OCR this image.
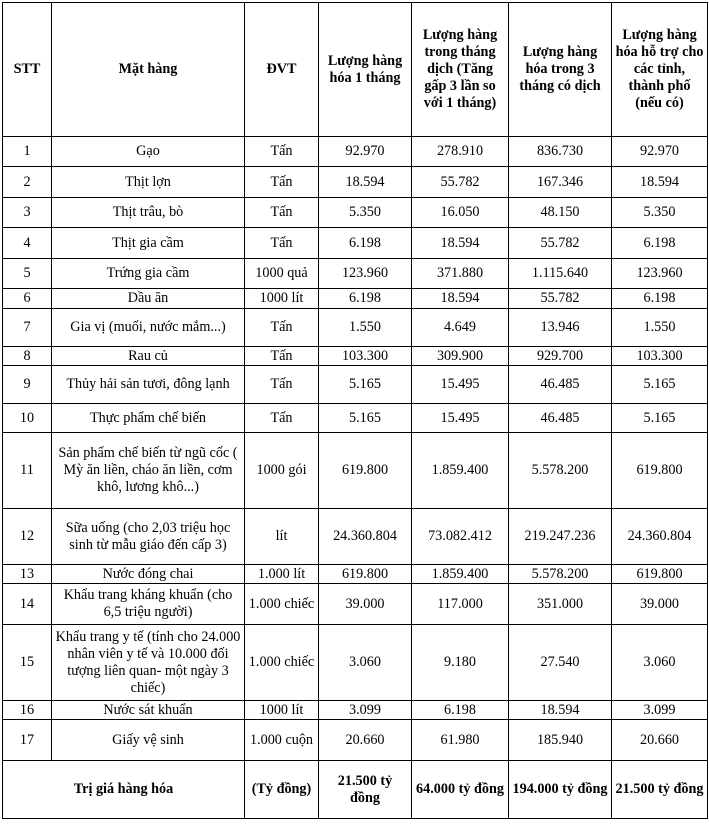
STT	Mặt hàng	ĐVT	Lượng hàng hóa 1 tháng	Lượng hàng trong tháng dịch (Tăng gấp 3 lần so với 1 tháng)	Lượng hàng hóa trong 3 tháng có dịch	Lượng hàng hóa hỗ trợ cho các tỉnh, thành phố (nếu có)
1	Gạo	Tấn	92.970	278.910	836.730	92.970
2	Thịt lợn	Tấn	18.594	55.782	167.346	18.594
3	Thịt trâu, bò	Tấn	5.350	16.050	48.150	5.350
4	Thịt gia cầm	Tấn	6.198	18.594	55.782	6.198
5	Trứng gia cầm	1000 quả	123.960	371.880	1.115.640	123.960
6	Dầu ăn	1000 lít	6.198	18.594	55.782	6.198
7	Gia vị (muối, nước mắm...)	Tấn	1.550	4.649	13.946	1.550
8	Rau củ	Tấn	103.300	309.900	929.700	103.300
9	Thủy hải sản tươi, đông lạnh	Tấn	5.165	15.495	46.485	5.165
10	Thực phẩm chế biến	Tấn	5.165	15.495	46.485	5.165
11	Sản phẩm chế biến từ ngũ cốc ( Mỳ ăn liền, cháo ăn liền, cơm khô, lương khô...)	1000 gói	619.800	1.859.400	5.578.200	619.800
12	Sữa uống (cho 2,03 triệu học sinh từ mẫu giáo đến cấp 3)	lít	24.360.804	73.082.412	219.247.236	24.360.804
13	Nước đóng chai	1.000 lít	619.800	1.859.400	5.578.200	619.800
14	Khẩu trang kháng khuẩn (cho 6,5 triệu người)	1.000 chiếc	39.000	117.000	351.000	39.000
15	Khẩu trang y tế (tính cho 24.000 nhân viên y tế và 10.000 đối tượng liên quan- một ngày 3 chiếc)	1.000 chiếc	3.060	9.180	27.540	3.060
16	Nước sát khuẩn	1000 lít	3.099	6.198	18.594	3.099
17	Giấy vệ sinh	1.000 cuộn	20.660	61.980	185.940	20.660
Trị giá hàng hóa		(Tỷ đồng)	21.500 tỷ đồng	64.000 tỷ đồng	194.000 tỷ đồng	21.500 tỷ đồng
